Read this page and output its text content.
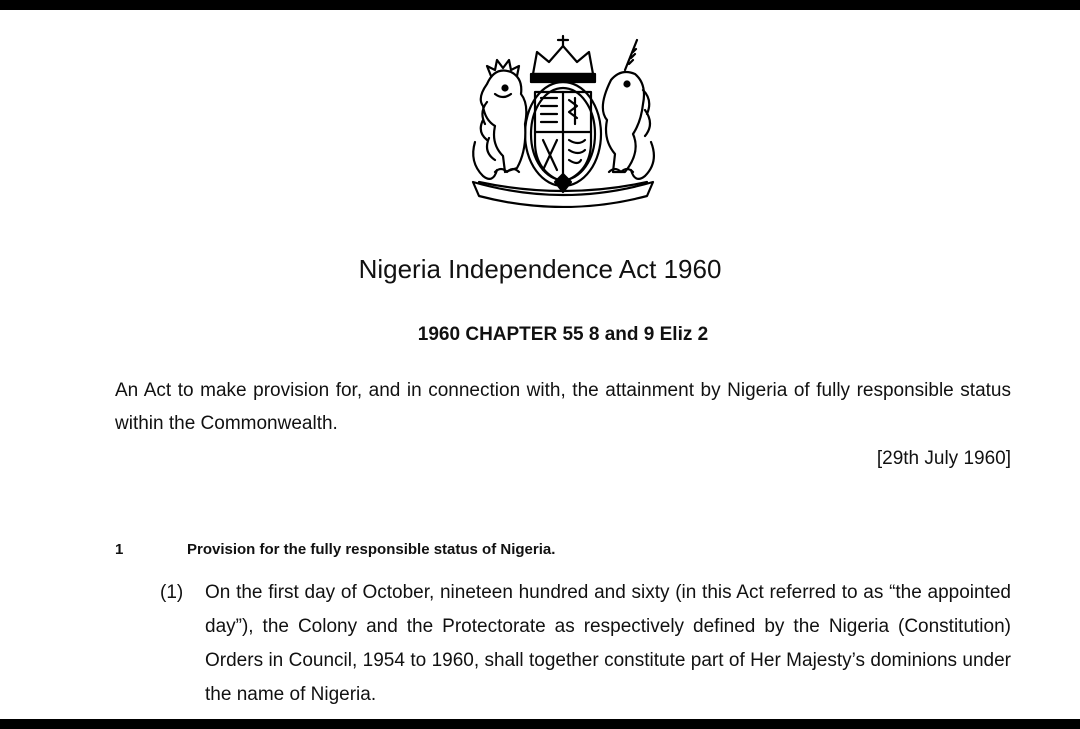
Nigeria Independence Act 1960
1960 CHAPTER 55 8 and 9 Eliz 2
An Act to make provision for, and in connection with, the attainment by Nigeria of fully responsible status within the Commonwealth.
[29th July 1960]
1	Provision for the fully responsible status of Nigeria.
(1) On the first day of October, nineteen hundred and sixty (in this Act referred to as “the appointed day”), the Colony and the Protectorate as respectively defined by the Nigeria (Constitution) Orders in Council, 1954 to 1960, shall together constitute part of Her Majesty’s dominions under the name of Nigeria.
